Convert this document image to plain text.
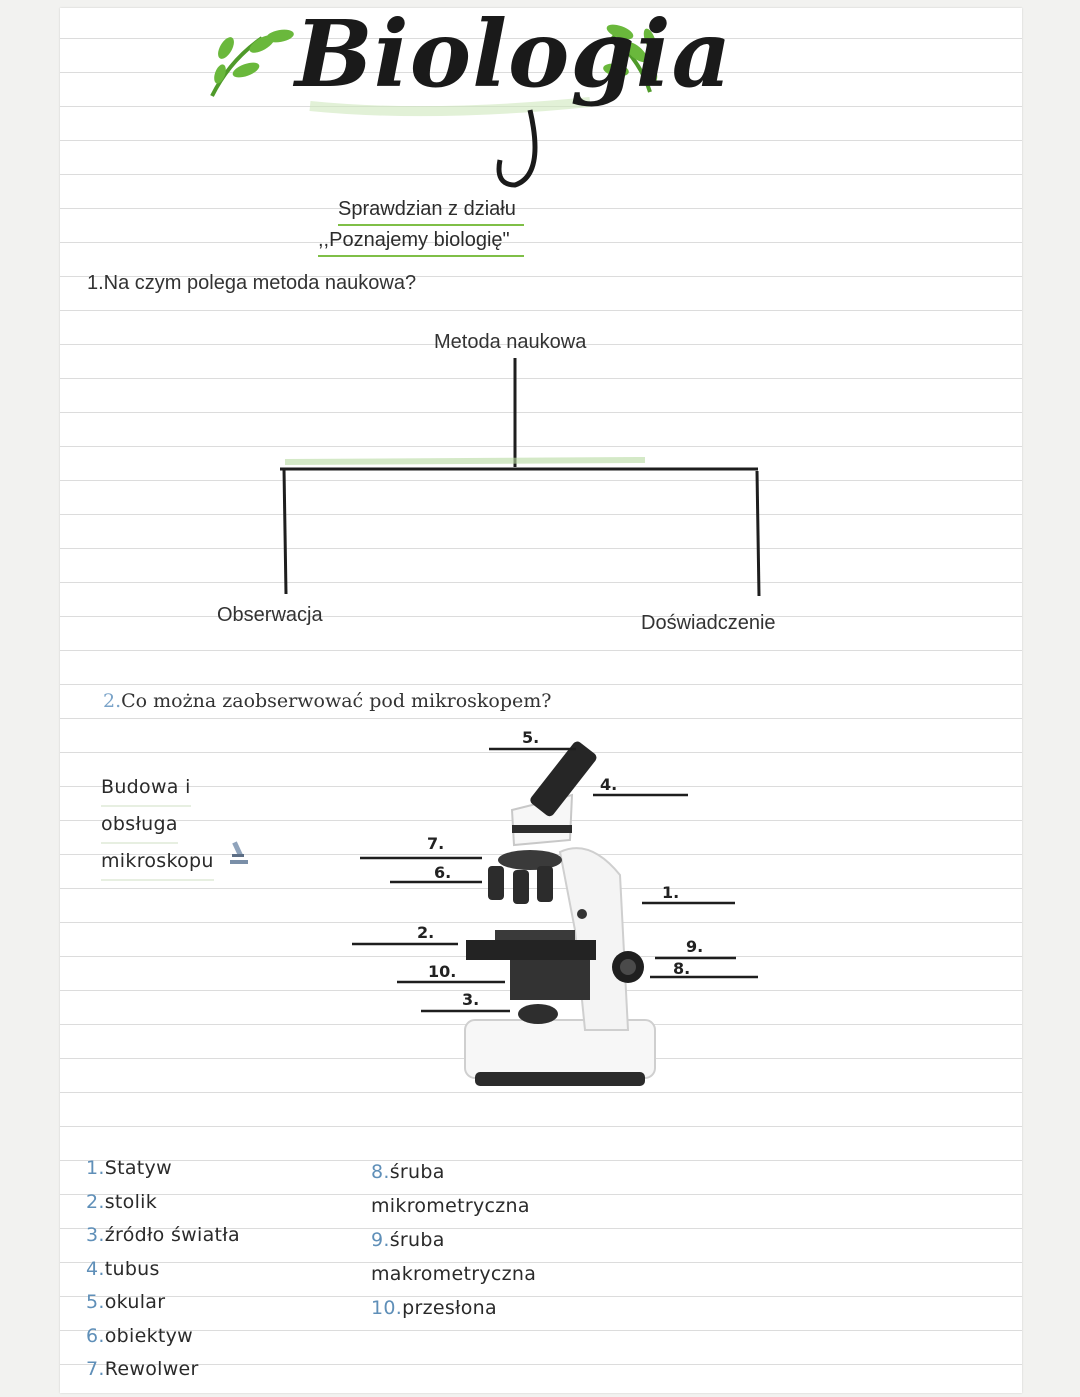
Biologia
Sprawdzian z działu
,,Poznajemy biologię"
1.Na czym polega metoda naukowa?
Metoda naukowa
Obserwacja	Doświadczenie
2.Co można zaobserwować pod mikroskopem?
Budowa i
obsługa
mikroskopu
5.
4.
7.
6.
1.
2.
9.
8.
10.
3.
1.Statyw
2.stolik
3.źródło światła
4.tubus
5.okular
6.obiektyw
7.Rewolwer
8.śruba
mikrometryczna
9.śruba
makrometryczna
10.przesłona
